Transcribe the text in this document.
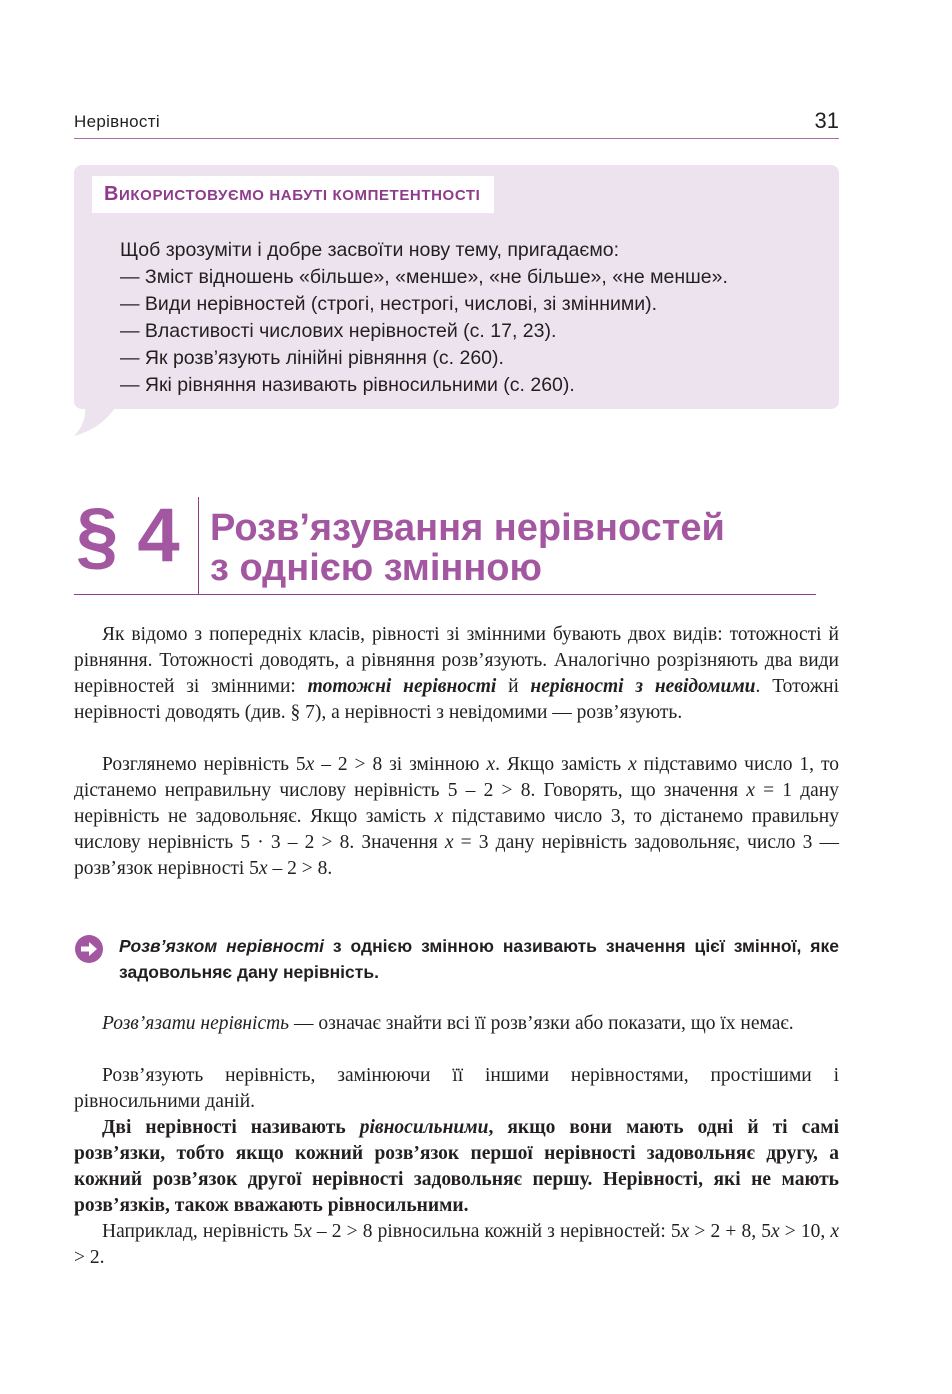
Нерівності	31
ВИКОРИСТОВУЄМО НАБУТІ КОМПЕТЕНТНОСТІ
Щоб зрозуміти і добре засвоїти нову тему, пригадаємо:
— Зміст відношень «більше», «менше», «не більше», «не менше».
— Види нерівностей (строгі, нестрогі, числові, зі змінними).
— Властивості числових нерівностей (с. 17, 23).
— Як розв’язують лінійні рівняння (с. 260).
— Які рівняння називають рівносильними (с. 260).
§ 4 Розв’язування нерівностей
з однією змінною

Як відомо з попередніх класів, рівності зі змінними бувають двох видів: тотожності й рівняння. Тотожності доводять, а рівняння розв’язують. Аналогічно розрізняють два види нерівностей зі змінними: тотожні нерівності й нерівності з невідомими. Тотожні нерівності доводять (див. § 7), а нерівності з невідомими — розв’язують.

Розглянемо нерівність 5x – 2 > 8 зі змінною x. Якщо замість x підставимо число 1, то дістанемо неправильну числову нерівність 5 – 2 > 8. Говорять, що значення x = 1 дану нерівність не задовольняє. Якщо замість x підставимо число 3, то дістанемо правильну числову нерівність 5 · 3 – 2 > 8. Значення x = 3 дану нерівність задовольняє, число 3 — розв’язок нерівності 5x – 2 > 8.

Розв’язком нерівності з однією змінною називають значення цієї змінної, яке задовольняє дану нерівність.

Розв’язати нерівність — означає знайти всі її розв’язки або показати, що їх немає.

Розв’язують нерівність, замінюючи її іншими нерівностями, простішими і рівносильними даній.

Дві нерівності називають рівносильними, якщо вони мають одні й ті самі розв’язки, тобто якщо кожний розв’язок першої нерівності задовольняє другу, а кожний розв’язок другої нерівності задовольняє першу. Нерівності, які не мають розв’язків, також вважають рівносильними.

Наприклад, нерівність 5x – 2 > 8 рівносильна кожній з нерівностей: 5x > 2 + 8, 5x > 10, x > 2.
